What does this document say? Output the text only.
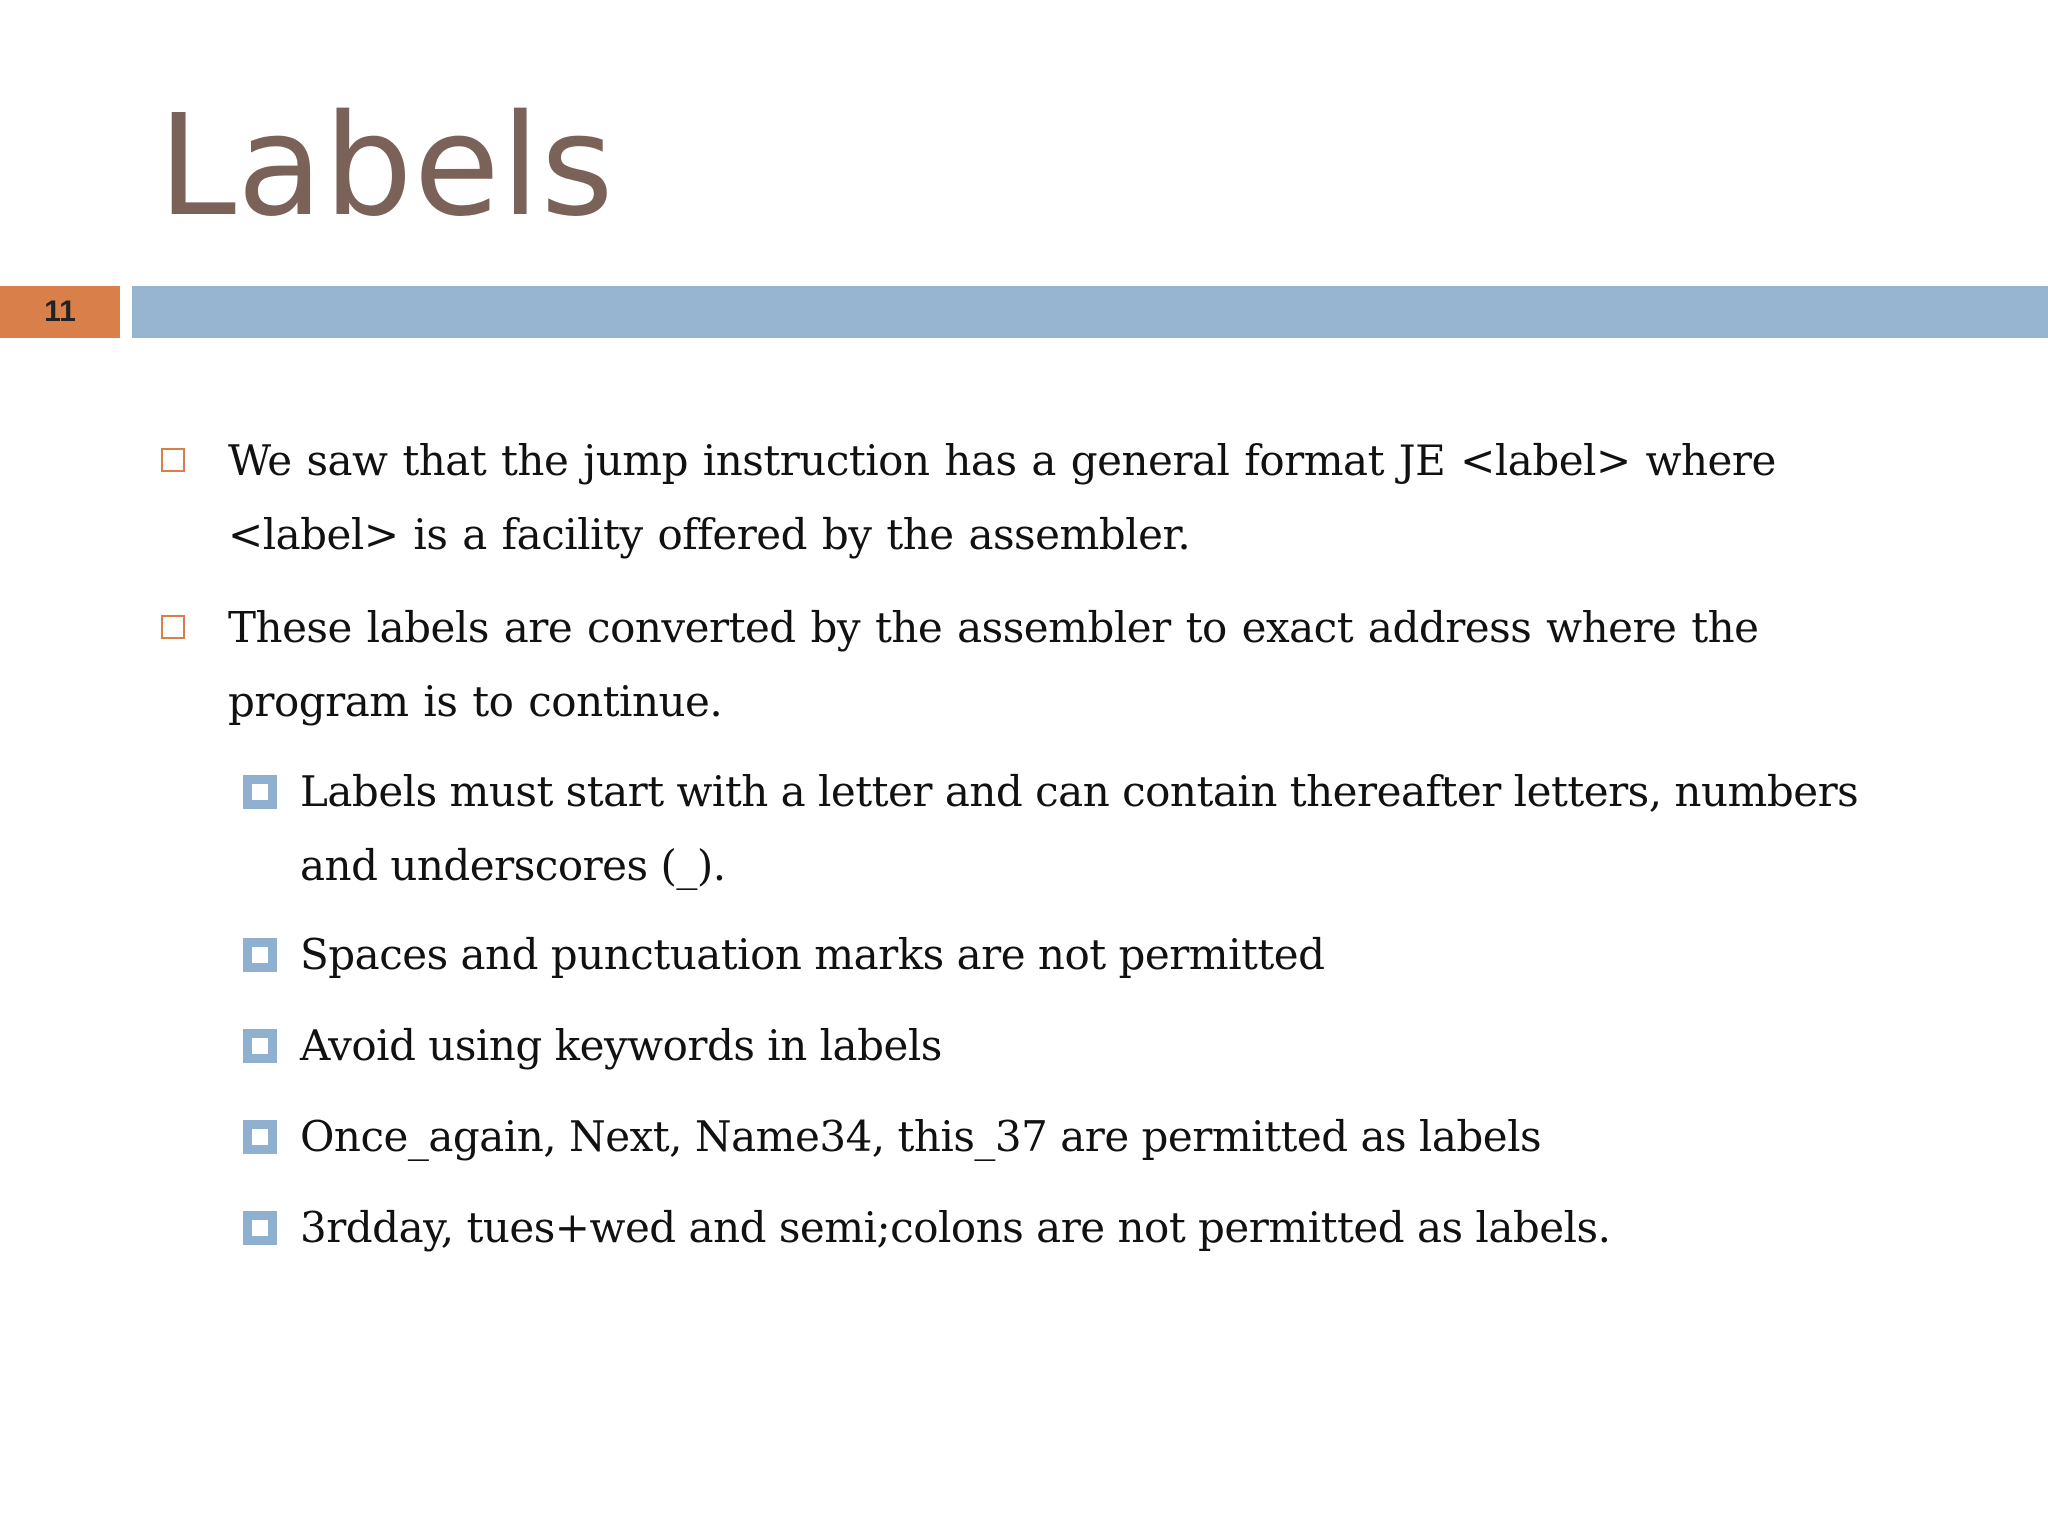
Labels
11
We saw that the jump instruction has a general format JE <label> where <label> is a facility offered by the assembler.
These labels are converted by the assembler to exact address where the program is to continue.
Labels must start with a letter and can contain thereafter letters, numbers and underscores (_).
Spaces and punctuation marks are not permitted
Avoid using keywords in labels
Once_again, Next, Name34, this_37 are permitted as labels
3rdday, tues+wed and semi;colons are not permitted as labels.
